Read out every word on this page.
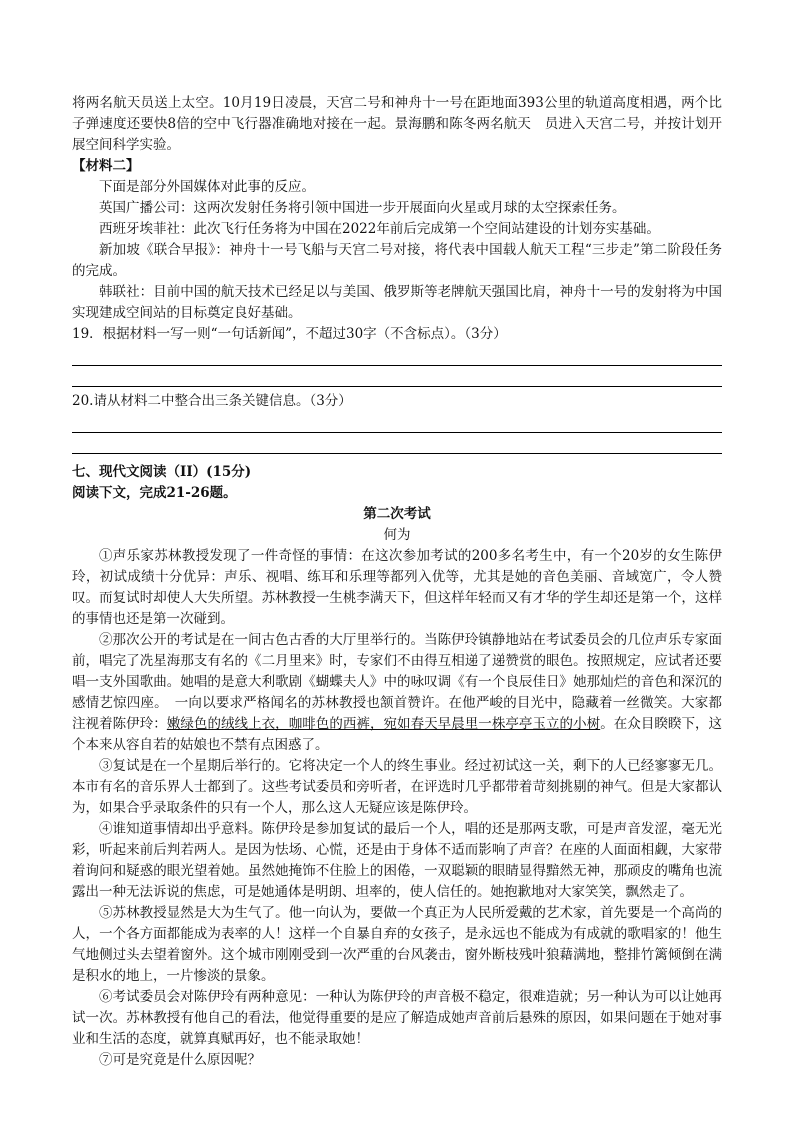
将两名航天员送上太空。10月19日凌晨，天宫二号和神舟十一号在距地面393公里的轨道高度相遇，两个比子弹速度还要快8倍的空中飞行器准确地对接在一起。景海鹏和陈冬两名航天　员进入天宫二号，并按计划开展空间科学实验。

【材料二】

下面是部分外国媒体对此事的反应。

英国广播公司：这两次发射任务将引领中国进一步开展面向火星或月球的太空探索任务。

西班牙埃菲社：此次飞行任务将为中国在2022年前后完成第一个空间站建设的计划夯实基础。

新加坡《联合早报》：神舟十一号飞船与天宫二号对接，将代表中国载人航天工程“三步走”第二阶段任务的完成。

韩联社：目前中国的航天技术已经足以与美国、俄罗斯等老牌航天强国比肩，神舟十一号的发射将为中国实现建成空间站的目标奠定良好基础。

19．根据材料一写一则“一句话新闻”，不超过30字（不含标点）。（3分）

20.请从材料二中整合出三条关键信息。（3分）

七、现代文阅读（II）(15分)

阅读下文，完成21-26题。

第二次考试

何为

①声乐家苏林教授发现了一件奇怪的事情：在这次参加考试的200多名考生中，有一个20岁的女生陈伊玲，初试成绩十分优异：声乐、视唱、练耳和乐理等都列入优等，尤其是她的音色美丽、音域宽广，令人赞叹。而复试时却使人大失所望。苏林教授一生桃李满天下，但这样年轻而又有才华的学生却还是第一个，这样的事情也还是第一次碰到。

②那次公开的考试是在一间古色古香的大厅里举行的。当陈伊玲镇静地站在考试委员会的几位声乐专家面前，唱完了冼星海那支有名的《二月里来》时，专家们不由得互相递了递赞赏的眼色。按照规定，应试者还要唱一支外国歌曲。她唱的是意大利歌剧《蝴蝶夫人》中的咏叹调《有一个良辰佳日》她那灿烂的音色和深沉的感情艺惊四座。　一向以要求严格闻名的苏林教授也颔首赞许。在他严峻的目光中，隐藏着一丝微笑。大家都注视着陈伊玲：嫩绿色的绒线上衣，咖啡色的西裤，宛如春天早晨里一株亭亭玉立的小树。在众目睽睽下，这个本来从容自若的姑娘也不禁有点困惑了。

③复试是在一个星期后举行的。它将决定一个人的终生事业。经过初试这一关，剩下的人已经寥寥无几。本市有名的音乐界人士都到了。这些考试委员和旁听者，在评选时几乎都带着苛刻挑剔的神气。但是大家都认为，如果合乎录取条件的只有一个人，那么这人无疑应该是陈伊玲。

④谁知道事情却出乎意料。陈伊玲是参加复试的最后一个人，唱的还是那两支歌，可是声音发涩，毫无光彩，听起来前后判若两人。是因为怯场、心慌，还是由于身体不适而影响了声音？在座的人面面相觑，大家带着询问和疑惑的眼光望着她。虽然她掩饰不住脸上的困倦，一双聪颖的眼睛显得黯然无神，那顽皮的嘴角也流露出一种无法诉说的焦虑，可是她通体是明朗、坦率的，使人信任的。她抱歉地对大家笑笑，飘然走了。

⑤苏林教授显然是大为生气了。他一向认为，要做一个真正为人民所爱戴的艺术家，首先要是一个高尚的人，一个各方面都能成为表率的人！这样一个自暴自弃的女孩子，是永远也不能成为有成就的歌唱家的！他生气地侧过头去望着窗外。这个城市刚刚受到一次严重的台风袭击，窗外断枝残叶狼藉满地，整排竹篱倾倒在满是积水的地上，一片惨淡的景象。

⑥考试委员会对陈伊玲有两种意见：一种认为陈伊玲的声音极不稳定，很难造就；另一种认为可以让她再试一次。苏林教授有他自己的看法，他觉得重要的是应了解造成她声音前后悬殊的原因，如果问题在于她对事业和生活的态度，就算真赋再好，也不能录取她！

⑦可是究竟是什么原因呢？
